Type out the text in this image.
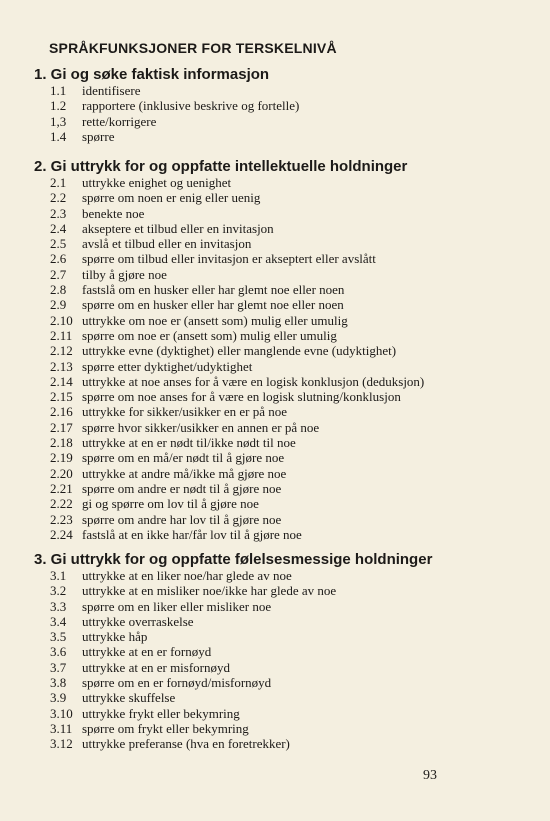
SPRÅKFUNKSJONER FOR TERSKELNIVÅ
1. Gi og søke faktisk informasjon
1.1	identifisere
1.2	rapportere (inklusive beskrive og fortelle)
1,3	rette/korrigere
1.4	spørre
2. Gi uttrykk for og oppfatte intellektuelle holdninger
2.1	uttrykke enighet og uenighet
2.2	spørre om noen er enig eller uenig
2.3	benekte noe
2.4	akseptere et tilbud eller en invitasjon
2.5	avslå et tilbud eller en invitasjon
2.6	spørre om tilbud eller invitasjon er akseptert eller avslått
2.7	tilby å gjøre noe
2.8	fastslå om en husker eller har glemt noe eller noen
2.9	spørre om en husker eller har glemt noe eller noen
2.10 uttrykke om noe er (ansett som) mulig eller umulig
2.11 spørre om noe er (ansett som) mulig eller umulig
2.12 uttrykke evne (dyktighet) eller manglende evne (udyktighet)
2.13 spørre etter dyktighet/udyktighet
2.14 uttrykke at noe anses for å være en logisk konklusjon (deduksjon)
2.15 spørre om noe anses for å være en logisk slutning/konklusjon
2.16 uttrykke for sikker/usikker en er på noe
2.17 spørre hvor sikker/usikker en annen er på noe
2.18 uttrykke at en er nødt til/ikke nødt til noe
2.19 spørre om en må/er nødt til å gjøre noe
2.20 uttrykke at andre må/ikke må gjøre noe
2.21 spørre om andre er nødt til å gjøre noe
2.22 gi og spørre om lov til å gjøre noe
2.23 spørre om andre har lov til å gjøre noe
2.24 fastslå at en ikke har/får lov til å gjøre noe
3. Gi uttrykk for og oppfatte følelsesmessige holdninger
3.1	uttrykke at en liker noe/har glede av noe
3.2	uttrykke at en misliker noe/ikke har glede av noe
3.3	spørre om en liker eller misliker noe
3.4	uttrykke overraskelse
3.5	uttrykke håp
3.6	uttrykke at en er fornøyd
3.7	uttrykke at en er misfornøyd
3.8	spørre om en er fornøyd/misfornøyd
3.9	uttrykke skuffelse
3.10 uttrykke frykt eller bekymring
3.11 spørre om frykt eller bekymring
3.12 uttrykke preferanse (hva en foretrekker)
93
